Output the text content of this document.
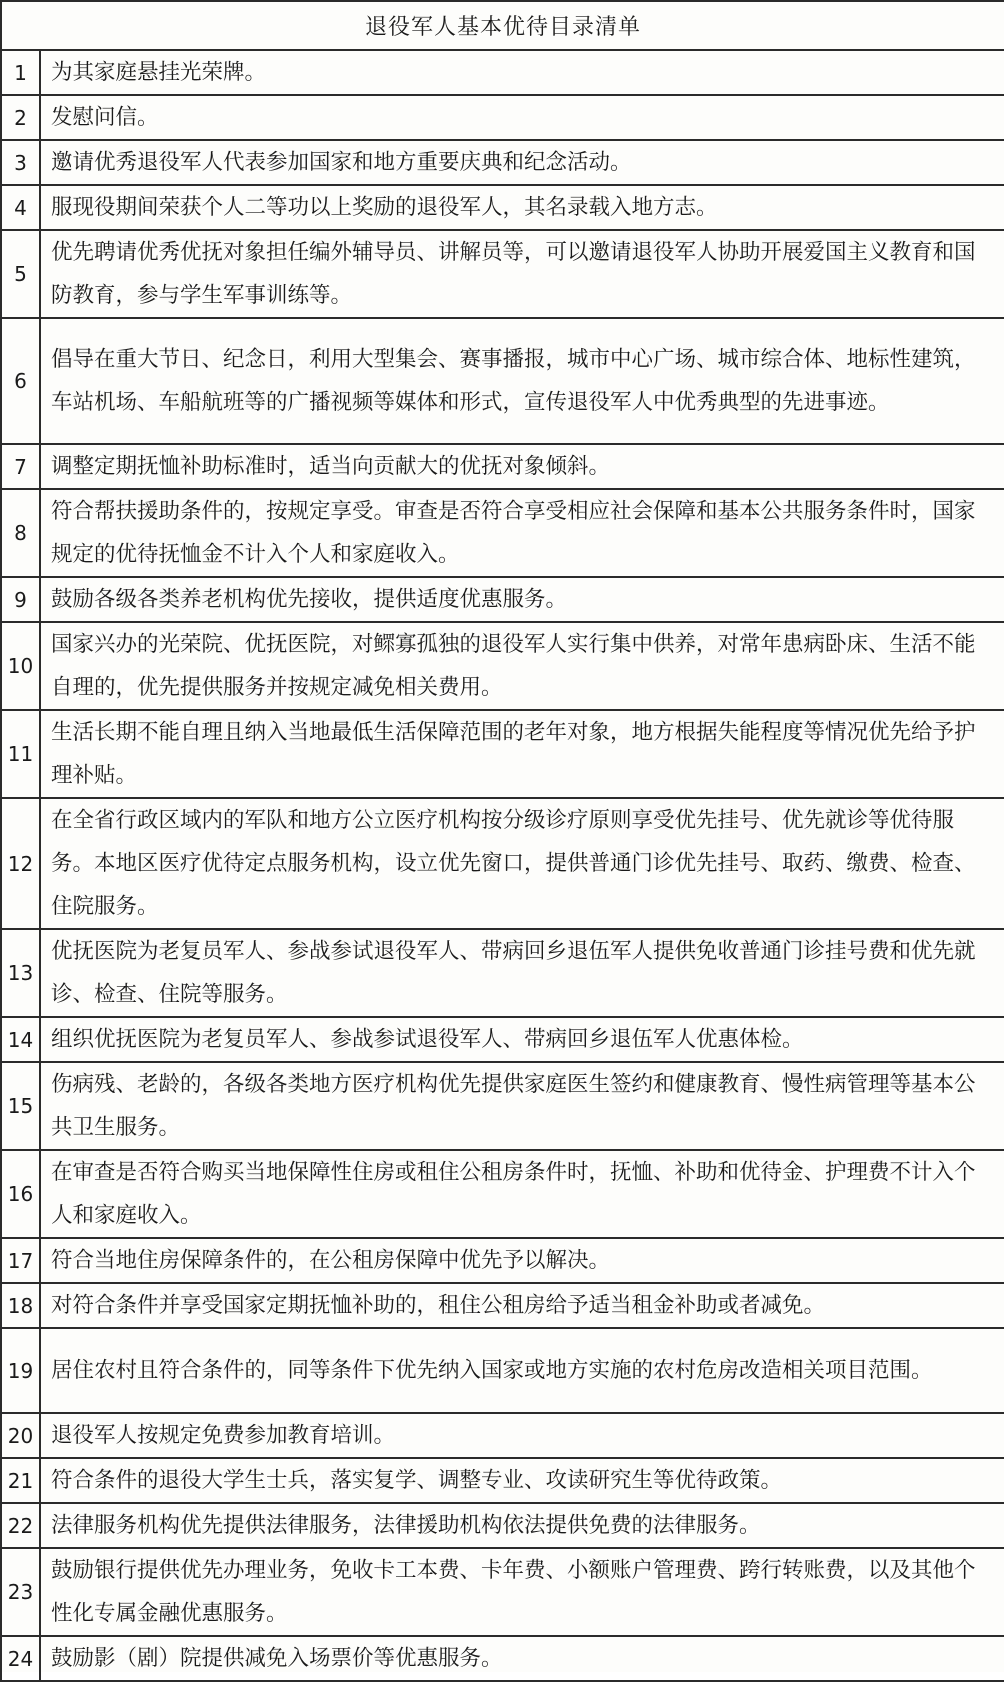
退役军人基本优待目录清单	
1	为其家庭悬挂光荣牌。
2	发慰问信。
3	邀请优秀退役军人代表参加国家和地方重要庆典和纪念活动。
4	服现役期间荣获个人二等功以上奖励的退役军人，其名录载入地方志。
5	优先聘请优秀优抚对象担任编外辅导员、讲解员等，可以邀请退役军人协助开展爱国主义教育和国防教育，参与学生军事训练等。
6	倡导在重大节日、纪念日，利用大型集会、赛事播报，城市中心广场、城市综合体、地标性建筑，车站机场、车船航班等的广播视频等媒体和形式，宣传退役军人中优秀典型的先进事迹。
7	调整定期抚恤补助标准时，适当向贡献大的优抚对象倾斜。
8	符合帮扶援助条件的，按规定享受。审查是否符合享受相应社会保障和基本公共服务条件时，国家规定的优待抚恤金不计入个人和家庭收入。
9	鼓励各级各类养老机构优先接收，提供适度优惠服务。
10	国家兴办的光荣院、优抚医院，对鳏寡孤独的退役军人实行集中供养，对常年患病卧床、生活不能自理的，优先提供服务并按规定减免相关费用。
11	生活长期不能自理且纳入当地最低生活保障范围的老年对象，地方根据失能程度等情况优先给予护理补贴。
12	在全省行政区域内的军队和地方公立医疗机构按分级诊疗原则享受优先挂号、优先就诊等优待服务。本地区医疗优待定点服务机构，设立优先窗口，提供普通门诊优先挂号、取药、缴费、检查、住院服务。
13	优抚医院为老复员军人、参战参试退役军人、带病回乡退伍军人提供免收普通门诊挂号费和优先就诊、检查、住院等服务。
14	组织优抚医院为老复员军人、参战参试退役军人、带病回乡退伍军人优惠体检。
15	伤病残、老龄的，各级各类地方医疗机构优先提供家庭医生签约和健康教育、慢性病管理等基本公共卫生服务。
16	在审查是否符合购买当地保障性住房或租住公租房条件时，抚恤、补助和优待金、护理费不计入个人和家庭收入。
17	符合当地住房保障条件的，在公租房保障中优先予以解决。
18	对符合条件并享受国家定期抚恤补助的，租住公租房给予适当租金补助或者减免。
19	居住农村且符合条件的，同等条件下优先纳入国家或地方实施的农村危房改造相关项目范围。
20	退役军人按规定免费参加教育培训。
21	符合条件的退役大学生士兵，落实复学、调整专业、攻读研究生等优待政策。
22	法律服务机构优先提供法律服务，法律援助机构依法提供免费的法律服务。
23	鼓励银行提供优先办理业务，免收卡工本费、卡年费、小额账户管理费、跨行转账费，以及其他个性化专属金融优惠服务。
24	鼓励影（剧）院提供减免入场票价等优惠服务。
